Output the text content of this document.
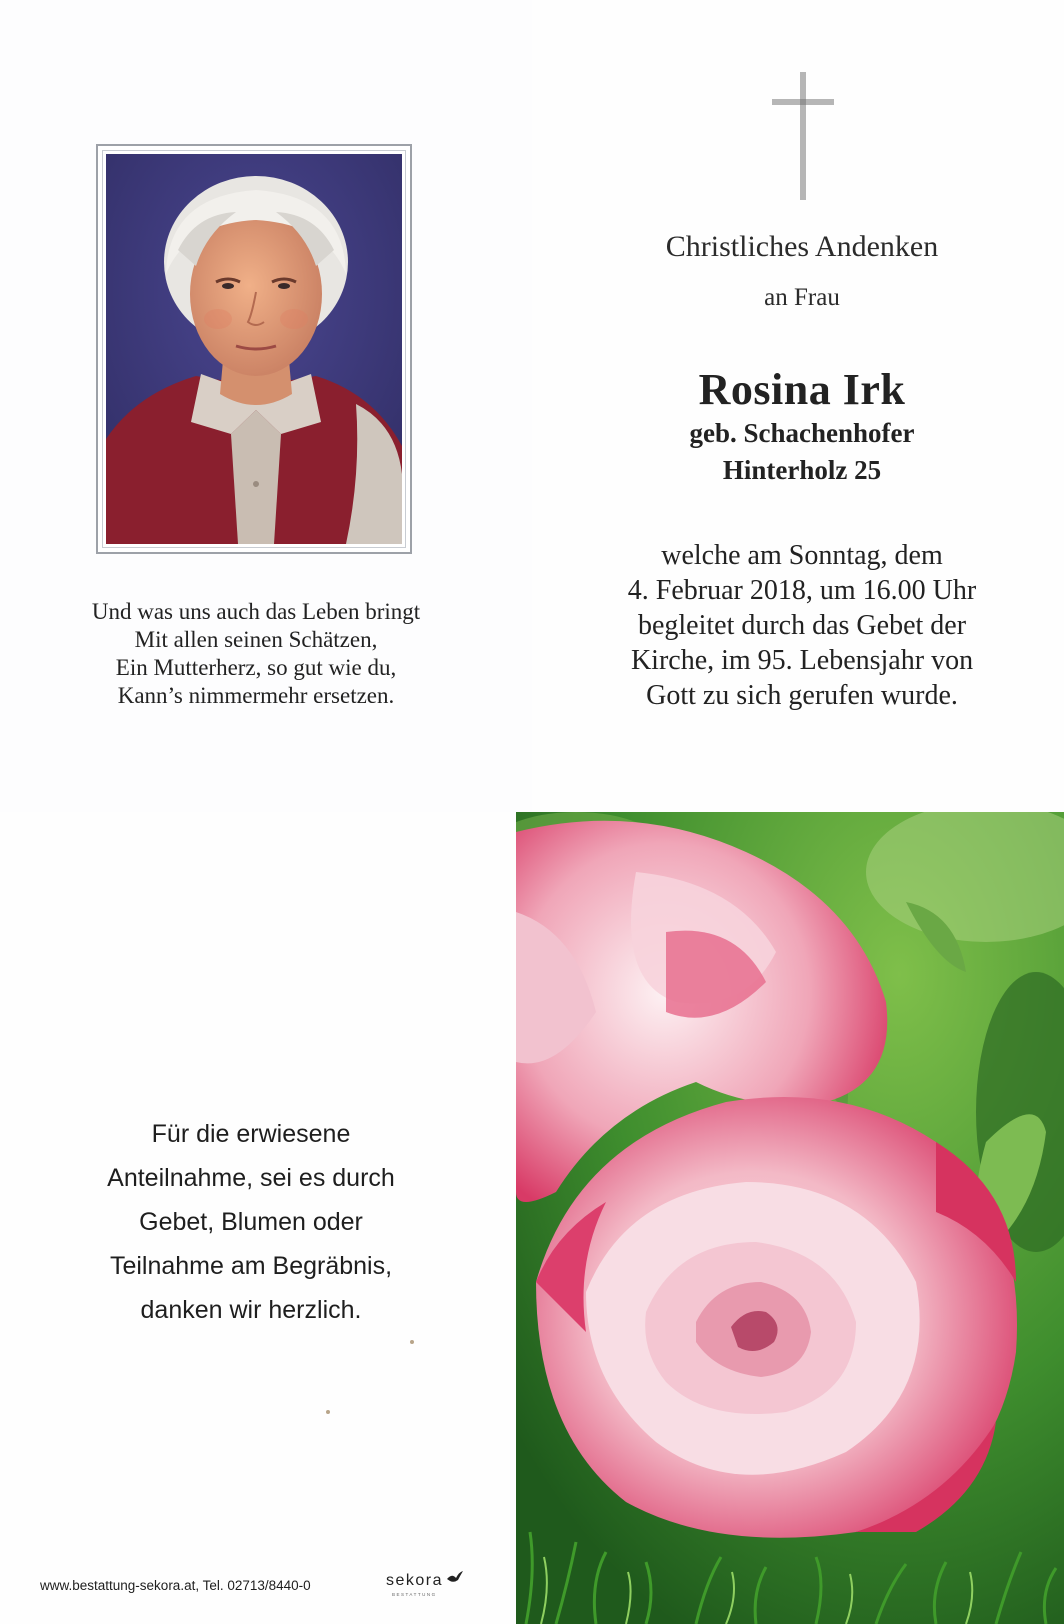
Und was uns auch das Leben bringt
Mit allen seinen Schätzen,
Ein Mutterherz, so gut wie du,
Kann’s nimmermehr ersetzen.
Christliches Andenken
an Frau
Rosina Irk
geb. Schachenhofer
Hinterholz 25
welche am Sonntag, dem
4. Februar 2018, um 16.00 Uhr
begleitet durch das Gebet der
Kirche, im 95. Lebensjahr von
Gott zu sich gerufen wurde.
Für die erwiesene
Anteilnahme, sei es durch
Gebet, Blumen oder
Teilnahme am Begräbnis,
danken wir herzlich.
www.bestattung-sekora.at, Tel. 02713/8440-0	sekora
BESTATTUNG
